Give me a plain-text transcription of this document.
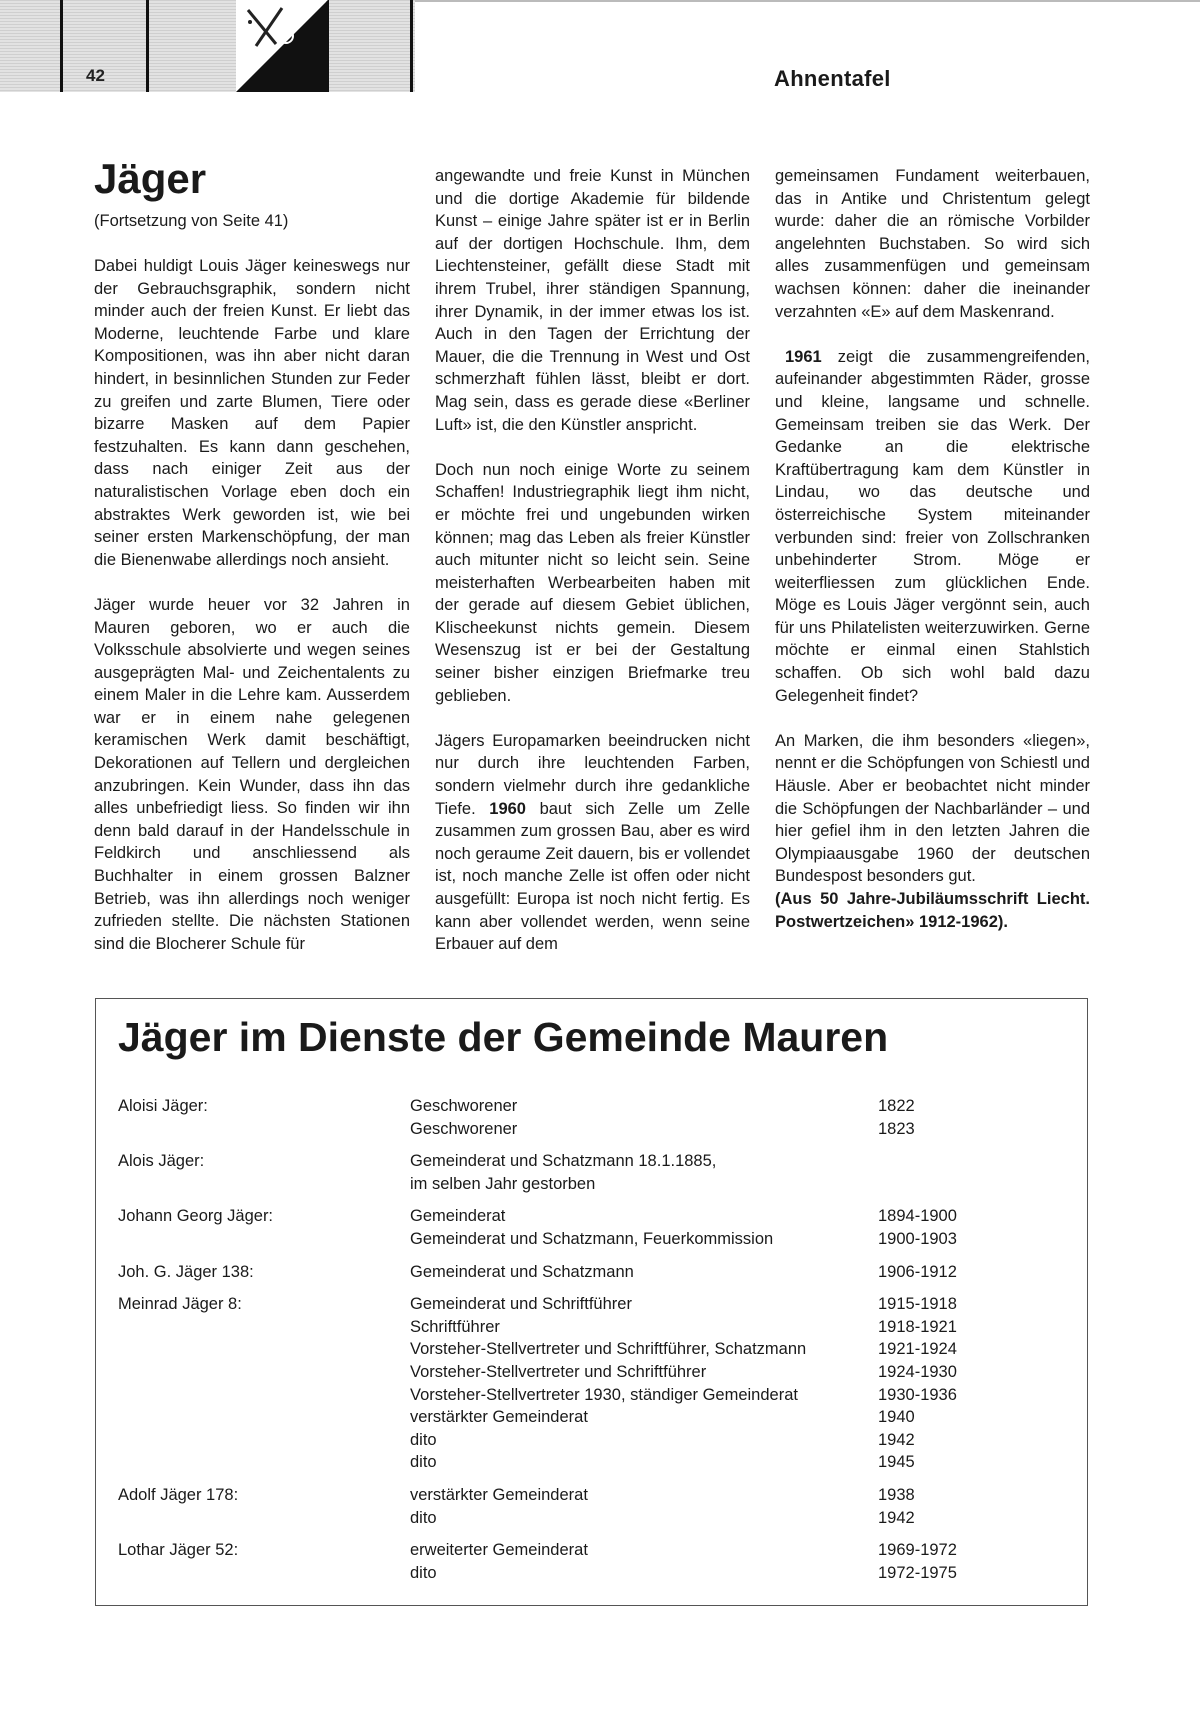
42	Ahnentafel
Jäger

(Fortsetzung von Seite 41)

Dabei huldigt Louis Jäger keineswegs nur der Gebrauchsgraphik, sondern nicht minder auch der freien Kunst. Er liebt das Moderne, leuchtende Farbe und klare Kompositionen, was ihn aber nicht daran hindert, in besinnlichen Stunden zur Feder zu greifen und zarte Blumen, Tiere oder bizarre Masken auf dem Papier festzuhalten. Es kann dann geschehen, dass nach einiger Zeit aus der naturalistischen Vorlage eben doch ein abstraktes Werk geworden ist, wie bei seiner ersten Markenschöpfung, der man die Bienenwabe allerdings noch ansieht.

Jäger wurde heuer vor 32 Jahren in Mauren geboren, wo er auch die Volksschule absolvierte und wegen seines ausgeprägten Mal- und Zeichentalents zu einem Maler in die Lehre kam. Ausserdem war er in einem nahe gelegenen keramischen Werk damit beschäftigt, Dekorationen auf Tellern und dergleichen anzubringen. Kein Wunder, dass ihn das alles unbefriedigt liess. So finden wir ihn denn bald darauf in der Handelsschule in Feldkirch und anschliessend als Buchhalter in einem grossen Balzner Betrieb, was ihn allerdings noch weniger zufrieden stellte. Die nächsten Stationen sind die Blocherer Schule für

angewandte und freie Kunst in München und die dortige Akademie für bildende Kunst – einige Jahre später ist er in Berlin auf der dortigen Hochschule. Ihm, dem Liechtensteiner, gefällt diese Stadt mit ihrem Trubel, ihrer ständigen Spannung, ihrer Dynamik, in der immer etwas los ist. Auch in den Tagen der Errichtung der Mauer, die die Trennung in West und Ost schmerzhaft fühlen lässt, bleibt er dort. Mag sein, dass es gerade diese «Berliner Luft» ist, die den Künstler anspricht.

Doch nun noch einige Worte zu seinem Schaffen! Industriegraphik liegt ihm nicht, er möchte frei und ungebunden wirken können; mag das Leben als freier Künstler auch mitunter nicht so leicht sein. Seine meisterhaften Werbearbeiten haben mit der gerade auf diesem Gebiet üblichen, Klischeekunst nichts gemein. Diesem Wesenszug ist er bei der Gestaltung seiner bisher einzigen Briefmarke treu geblieben.

Jägers Europamarken beeindrucken nicht nur durch ihre leuchtenden Farben, sondern vielmehr durch ihre gedankliche Tiefe. 1960 baut sich Zelle um Zelle zusammen zum grossen Bau, aber es wird noch geraume Zeit dauern, bis er vollendet ist, noch manche Zelle ist offen oder nicht ausgefüllt: Europa ist noch nicht fertig. Es kann aber vollendet werden, wenn seine Erbauer auf dem

gemeinsamen Fundament weiterbauen, das in Antike und Christentum gelegt wurde: daher die an römische Vorbilder angelehnten Buchstaben. So wird sich alles zusammenfügen und gemeinsam wachsen können: daher die ineinander verzahnten «E» auf dem Maskenrand.

1961 zeigt die zusammengreifenden, aufeinander abgestimmten Räder, grosse und kleine, langsame und schnelle. Gemeinsam treiben sie das Werk. Der Gedanke an die elektrische Kraftübertragung kam dem Künstler in Lindau, wo das deutsche und österreichische System miteinander verbunden sind: freier von Zollschranken unbehinderter Strom. Möge er weiterfliessen zum glücklichen Ende. Möge es Louis Jäger vergönnt sein, auch für uns Philatelisten weiterzuwirken. Gerne möchte er einmal einen Stahlstich schaffen. Ob sich wohl bald dazu Gelegenheit findet?

An Marken, die ihm besonders «liegen», nennt er die Schöpfungen von Schiestl und Häusle. Aber er beobachtet nicht minder die Schöpfungen der Nachbarländer – und hier gefiel ihm in den letzten Jahren die Olympiaausgabe 1960 der deutschen Bundespost besonders gut.

(Aus 50 Jahre-Jubiläumsschrift Liecht. Postwertzeichen» 1912-1962).

Jäger im Dienste der Gemeinde Mauren
Aloisi Jäger:	Geschworener	1822
Geschworener	1823
Alois Jäger:	Gemeinderat und Schatzmann 18.1.1885,
im selben Jahr gestorben
Johann Georg Jäger:	Gemeinderat	1894-1900
Gemeinderat und Schatzmann, Feuerkommission	1900-1903
Joh. G. Jäger 138:	Gemeinderat und Schatzmann	1906-1912
Meinrad Jäger 8:	Gemeinderat und Schriftführer	1915-1918
Schriftführer	1918-1921
Vorsteher-Stellvertreter und Schriftführer, Schatzmann	1921-1924
Vorsteher-Stellvertreter und Schriftführer	1924-1930
Vorsteher-Stellvertreter 1930, ständiger Gemeinderat	1930-1936
verstärkter Gemeinderat	1940
dito	1942
dito	1945
Adolf Jäger 178:	verstärkter Gemeinderat	1938
dito	1942
Lothar Jäger 52:	erweiterter Gemeinderat	1969-1972
dito	1972-1975
